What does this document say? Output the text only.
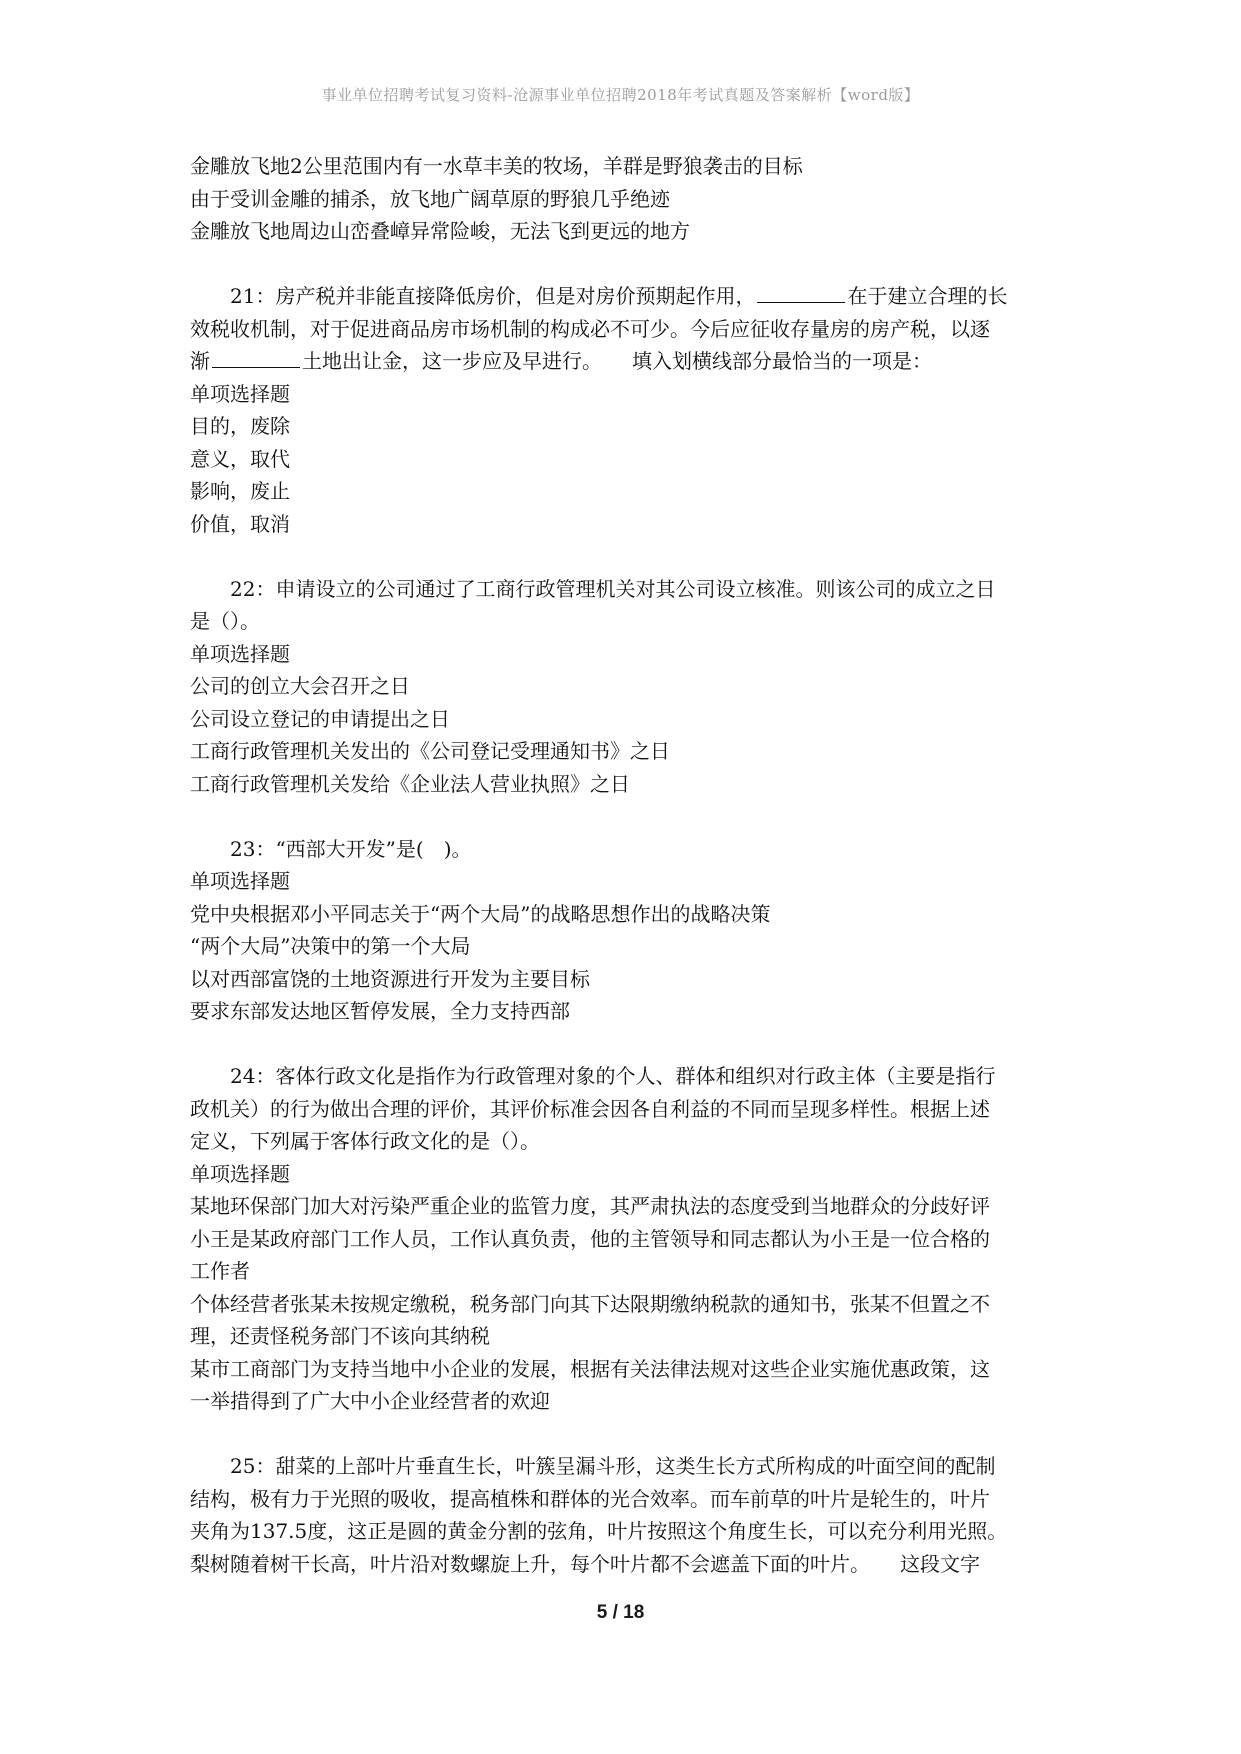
事业单位招聘考试复习资料-沧源事业单位招聘2018年考试真题及答案解析【word版】
金雕放飞地2公里范围内有一水草丰美的牧场，羊群是野狼袭击的目标
由于受训金雕的捕杀，放飞地广阔草原的野狼几乎绝迹
金雕放飞地周边山峦叠嶂异常险峻，无法飞到更远的地方
21：房产税并非能直接降低房价，但是对房价预期起作用，	在于建立合理的长
效税收机制，对于促进商品房市场机制的构成必不可少。今后应征收存量房的房产税，以逐
渐	土地出让金，这一步应及早进行。　　填入划横线部分最恰当的一项是：
单项选择题
目的，废除
意义，取代
影响，废止
价值，取消
22：申请设立的公司通过了工商行政管理机关对其公司设立核准。则该公司的成立之日
是（）。
单项选择题
公司的创立大会召开之日
公司设立登记的申请提出之日
工商行政管理机关发出的《公司登记受理通知书》之日
工商行政管理机关发给《企业法人营业执照》之日
23：“西部大开发”是(　)。
单项选择题
党中央根据邓小平同志关于“两个大局”的战略思想作出的战略决策
“两个大局”决策中的第一个大局
以对西部富饶的土地资源进行开发为主要目标
要求东部发达地区暂停发展，全力支持西部
24：客体行政文化是指作为行政管理对象的个人、群体和组织对行政主体（主要是指行
政机关）的行为做出合理的评价，其评价标准会因各自利益的不同而呈现多样性。根据上述
定义，下列属于客体行政文化的是（）。
单项选择题
某地环保部门加大对污染严重企业的监管力度，其严肃执法的态度受到当地群众的分歧好评
小王是某政府部门工作人员，工作认真负责，他的主管领导和同志都认为小王是一位合格的
工作者
个体经营者张某未按规定缴税，税务部门向其下达限期缴纳税款的通知书，张某不但置之不
理，还责怪税务部门不该向其纳税
某市工商部门为支持当地中小企业的发展，根据有关法律法规对这些企业实施优惠政策，这
一举措得到了广大中小企业经营者的欢迎
25：甜菜的上部叶片垂直生长，叶簇呈漏斗形，这类生长方式所构成的叶面空间的配制
结构，极有力于光照的吸收，提高植株和群体的光合效率。而车前草的叶片是轮生的，叶片
夹角为137.5度，这正是圆的黄金分割的弦角，叶片按照这个角度生长，可以充分利用光照。
梨树随着树干长高，叶片沿对数螺旋上升，每个叶片都不会遮盖下面的叶片。　　这段文字
5 / 18
